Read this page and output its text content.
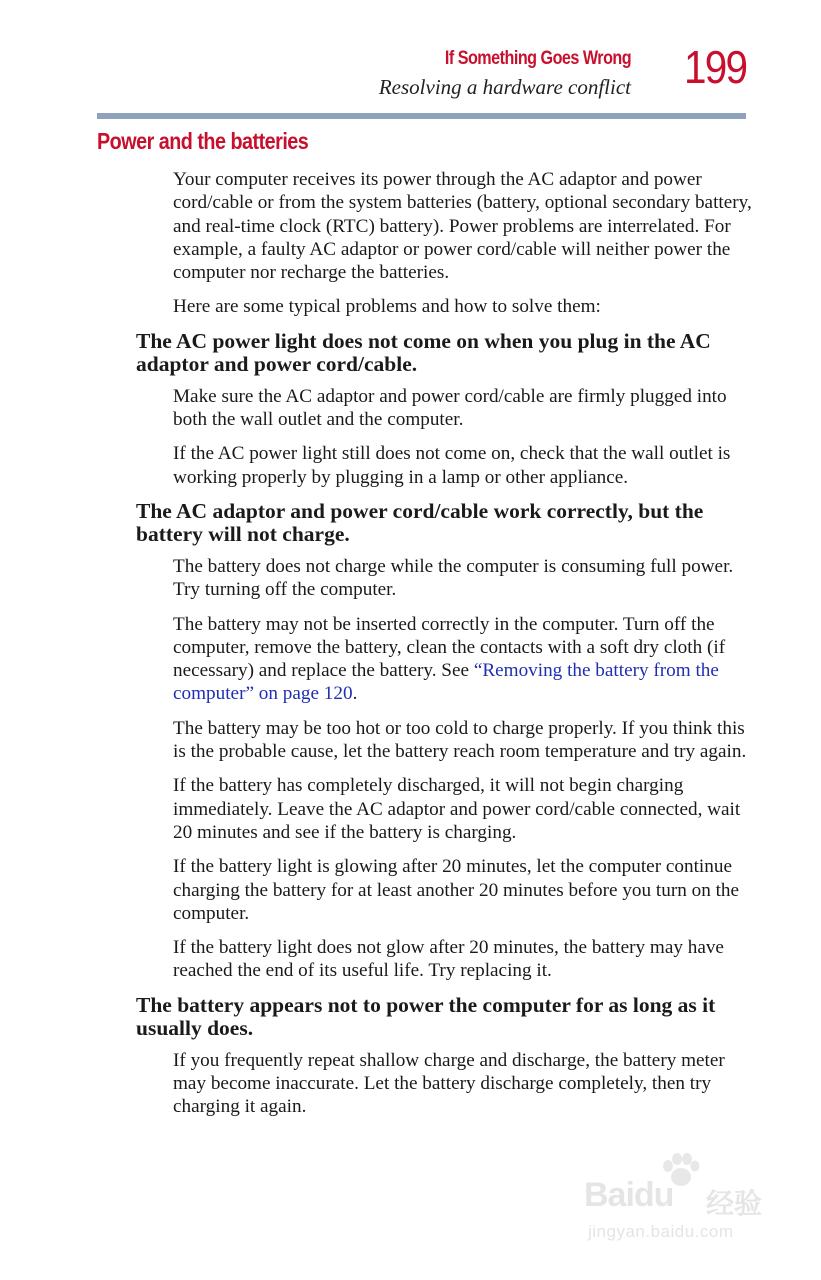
If Something Goes Wrong
Resolving a hardware conflict 199
Power and the batteries

Your computer receives its power through the AC adaptor and power cord/cable or from the system batteries (battery, optional secondary battery, and real-time clock (RTC) battery). Power problems are interrelated. For example, a faulty AC adaptor or power cord/cable will neither power the computer nor recharge the batteries.

Here are some typical problems and how to solve them:

The AC power light does not come on when you plug in the AC adaptor and power cord/cable.

Make sure the AC adaptor and power cord/cable are firmly plugged into both the wall outlet and the computer.

If the AC power light still does not come on, check that the wall outlet is working properly by plugging in a lamp or other appliance.

The AC adaptor and power cord/cable work correctly, but the battery will not charge.

The battery does not charge while the computer is consuming full power. Try turning off the computer.

The battery may not be inserted correctly in the computer. Turn off the computer, remove the battery, clean the contacts with a soft dry cloth (if necessary) and replace the battery. See “Removing the battery from the computer” on page 120.

The battery may be too hot or too cold to charge properly. If you think this is the probable cause, let the battery reach room temperature and try again.

If the battery has completely discharged, it will not begin charging immediately. Leave the AC adaptor and power cord/cable connected, wait 20 minutes and see if the battery is charging.

If the battery light is glowing after 20 minutes, let the computer continue charging the battery for at least another 20 minutes before you turn on the computer.

If the battery light does not glow after 20 minutes, the battery may have reached the end of its useful life. Try replacing it.

The battery appears not to power the computer for as long as it usually does.

If you frequently repeat shallow charge and discharge, the battery meter may become inaccurate. Let the battery discharge completely, then try charging it again.

Baidu 经验
jingyan.baidu.com
